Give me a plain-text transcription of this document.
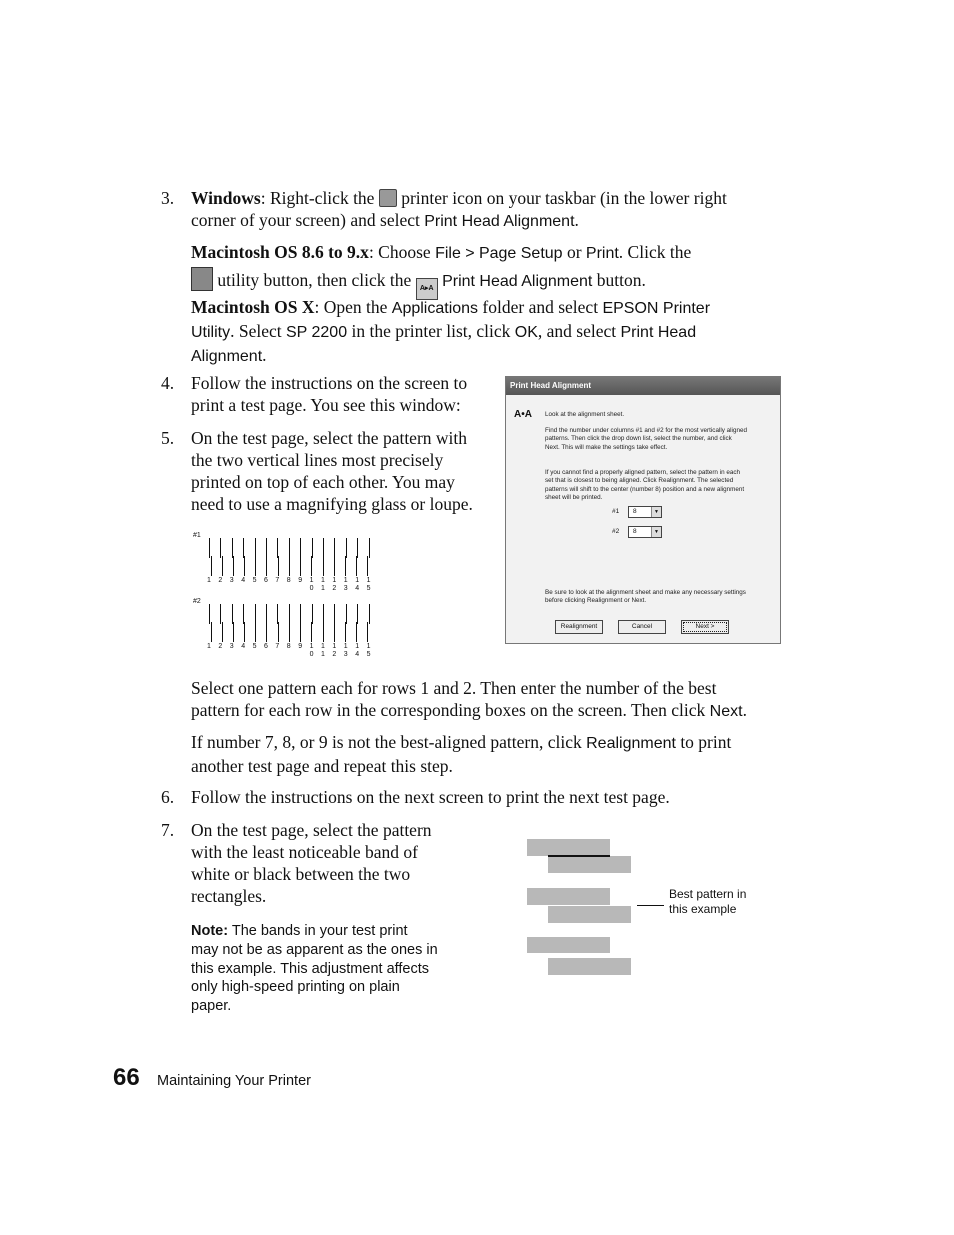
3. Windows: Right-click the printer icon on your taskbar (in the lower right
corner of your screen) and select Print Head Alignment.
Macintosh OS 8.6 to 9.x: Choose File > Page Setup or Print. Click the
utility button, then click the A▸A Print Head Alignment button.
Macintosh OS X: Open the Applications folder and select EPSON Printer
Utility. Select SP 2200 in the printer list, click OK, and select Print Head
Alignment.
4. Follow the instructions on the screen to
print a test page. You see this window:
5. On the test page, select the pattern with
the two vertical lines most precisely
printed on top of each other. You may
need to use a magnifying glass or loupe.
Print Head Alignment
A•A Look at the alignment sheet.
Find the number under columns #1 and #2 for the most vertically aligned
patterns. Then click the drop down list, select the number, and click
Next. This will make the settings take effect.
If you cannot find a properly aligned pattern, select the pattern in each
set that is closest to being aligned. Click Realignment. The selected
patterns will shift to the center (number 8) position and a new alignment
sheet will be printed.
#1 8	▼
#2 8	▼
Be sure to look at the alignment sheet and make any necessary settings
before clicking Realignment or Next.
Realignment	Cancel	Next >
#1
#2
1 2 3 4 5 6 7 8 9 1
0
1
1
1
2
1
3
1
4
1
5
1 2 3 4 5 6 7 8 9 1
0
1
1
1
2
1
3
1
4
1
5
Select one pattern each for rows 1 and 2. Then enter the number of the best
pattern for each row in the corresponding boxes on the screen. Then click Next.
If number 7, 8, or 9 is not the best-aligned pattern, click Realignment to print
another test page and repeat this step.
6. Follow the instructions on the next screen to print the next test page.
7. On the test page, select the pattern
with the least noticeable band of
white or black between the two
rectangles.
Note: The bands in your test print
may not be as apparent as the ones in
this example. This adjustment affects
only high-speed printing on plain
paper.
Best pattern in
this example
66 Maintaining Your Printer
